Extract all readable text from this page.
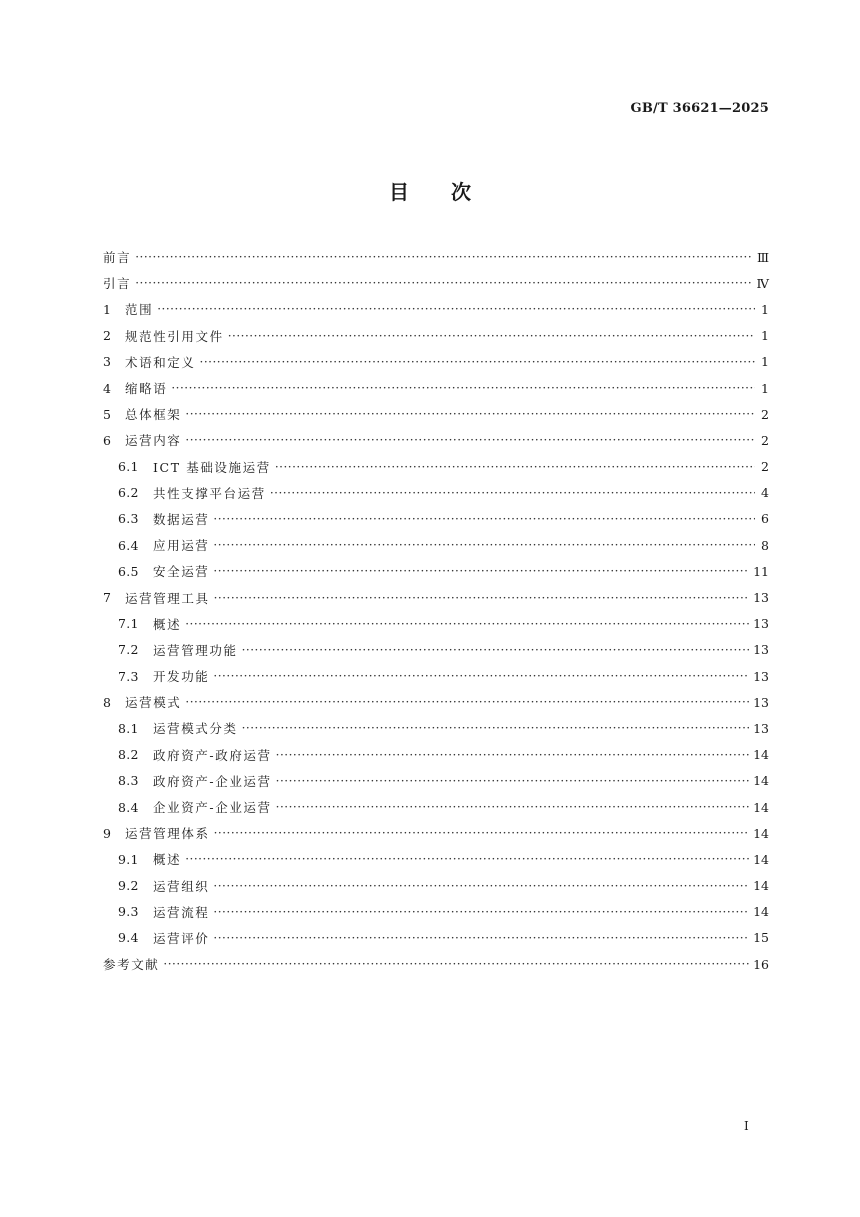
GB/T 36621—2025
目 次
前言 ·····	Ⅲ
引言 ·····	Ⅳ
1	范围 ·····	1
2	规范性引用文件 ·····	1
3	术语和定义 ·····	1
4	缩略语 ·····	1
5	总体框架 ·····	2
6	运营内容 ·····	2
6.1	ICT 基础设施运营 ·····	2
6.2	共性支撑平台运营 ·····	4
6.3	数据运营 ·····	6
6.4	应用运营 ·····	8
6.5	安全运营 ·····	11
7	运营管理工具 ·····	13
7.1	概述 ·····	13
7.2	运营管理功能 ·····	13
7.3	开发功能 ·····	13
8	运营模式 ·····	13
8.1	运营模式分类 ·····	13
8.2	政府资产-政府运营 ·····	14
8.3	政府资产-企业运营 ·····	14
8.4	企业资产-企业运营 ·····	14
9	运营管理体系 ·····	14
9.1	概述 ·····	14
9.2	运营组织 ·····	14
9.3	运营流程 ·····	14
9.4	运营评价 ·····	15
参考文献 ·····	16
I
